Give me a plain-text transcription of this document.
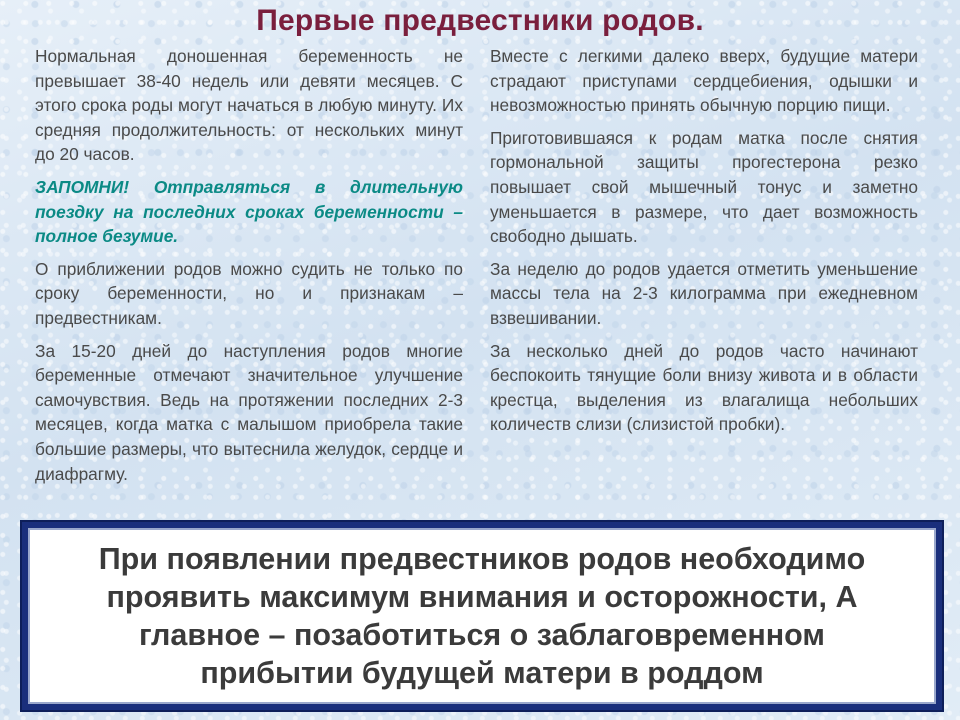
Первые предвестники родов.

Нормальная доношенная беременность не превышает 38-40 недель или девяти месяцев. С этого срока роды могут начаться в любую минуту. Их средняя продолжительность: от нескольких минут до 20 часов.

ЗАПОМНИ! Отправляться в длительную поездку на последних сроках беременности – полное безумие.

О приближении родов можно судить не только по сроку беременности, но и признакам – предвестникам.

За 15-20 дней до наступления родов многие беременные отмечают значительное улучшение самочувствия. Ведь на протяжении последних 2-3 месяцев, когда матка с малышом приобрела такие большие размеры, что вытеснила желудок, сердце и диафрагму.

Вместе с легкими далеко вверх, будущие матери страдают приступами сердцебиения, одышки и невозможностью принять обычную порцию пищи.

Приготовившаяся к родам матка после снятия гормональной защиты прогестерона резко повышает свой мышечный тонус и заметно уменьшается в размере, что дает возможность свободно дышать.

За неделю до родов удается отметить уменьшение массы тела на 2-3 килограмма при ежедневном взвешивании.

За несколько дней до родов часто начинают беспокоить тянущие боли внизу живота и в области крестца, выделения из влагалища небольших количеств слизи (слизистой пробки).

При появлении предвестников родов необходимо проявить максимум внимания и осторожности, А главное – позаботиться о заблаговременном прибытии будущей матери в роддом
